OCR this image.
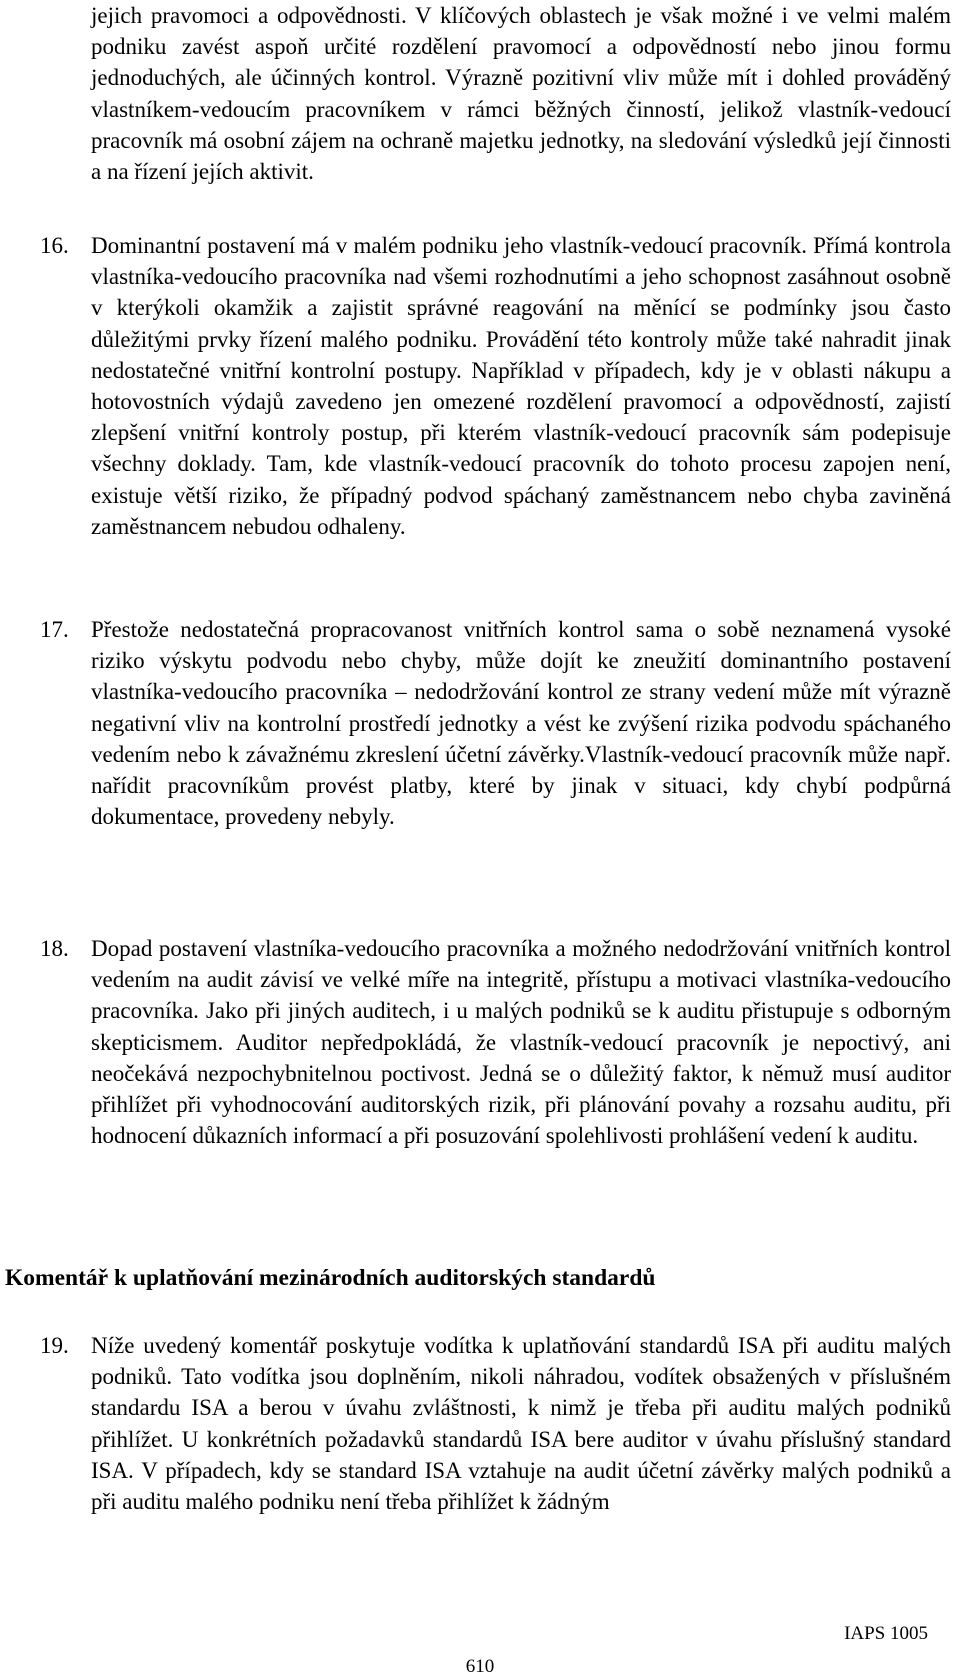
jejich pravomoci a odpovědnosti. V klíčových oblastech je však možné i ve velmi malém podniku zavést aspoň určité rozdělení pravomocí a odpovědností nebo jinou formu jednoduchých, ale účinných kontrol. Výrazně pozitivní vliv může mít i dohled prováděný vlastníkem-vedoucím pracovníkem v rámci běžných činností, jelikož vlastník-vedoucí pracovník má osobní zájem na ochraně majetku jednotky, na sledování výsledků její činnosti a na řízení jejích aktivit.

16. Dominantní postavení má v malém podniku jeho vlastník-vedoucí pracovník. Přímá kontrola vlastníka-vedoucího pracovníka nad všemi rozhodnutími a jeho schopnost zasáhnout osobně v kterýkoli okamžik a zajistit správné reagování na měnící se podmínky jsou často důležitými prvky řízení malého podniku. Provádění této kontroly může také nahradit jinak nedostatečné vnitřní kontrolní postupy. Například v případech, kdy je v oblasti nákupu a hotovostních výdajů zavedeno jen omezené rozdělení pravomocí a odpovědností, zajistí zlepšení vnitřní kontroly postup, při kterém vlastník-vedoucí pracovník sám podepisuje všechny doklady. Tam, kde vlastník-vedoucí pracovník do tohoto procesu zapojen není, existuje větší riziko, že případný podvod spáchaný zaměstnancem nebo chyba zaviněná zaměstnancem nebudou odhaleny.

17. Přestože nedostatečná propracovanost vnitřních kontrol sama o sobě neznamená vysoké riziko výskytu podvodu nebo chyby, může dojít ke zneužití dominantního postavení vlastníka-vedoucího pracovníka – nedodržování kontrol ze strany vedení může mít výrazně negativní vliv na kontrolní prostředí jednotky a vést ke zvýšení rizika podvodu spáchaného vedením nebo k závažnému zkreslení účetní závěrky.Vlastník-vedoucí pracovník může např. nařídit pracovníkům provést platby, které by jinak v situaci, kdy chybí podpůrná dokumentace, provedeny nebyly.

18. Dopad postavení vlastníka-vedoucího pracovníka a možného nedodržování vnitřních kontrol vedením na audit závisí ve velké míře na integritě, přístupu a motivaci vlastníka-vedoucího pracovníka. Jako při jiných auditech, i u malých podniků se k auditu přistupuje s odborným skepticismem. Auditor nepředpokládá, že vlastník-vedoucí pracovník je nepoctivý, ani neočekává nezpochybnitelnou poctivost. Jedná se o důležitý faktor, k němuž musí auditor přihlížet při vyhodnocování auditorských rizik, při plánování povahy a rozsahu auditu, při hodnocení důkazních informací a při posuzování spolehlivosti prohlášení vedení k auditu.

Komentář k uplatňování mezinárodních auditorských standardů

19. Níže uvedený komentář poskytuje vodítka k uplatňování standardů ISA při auditu malých podniků. Tato vodítka jsou doplněním, nikoli náhradou, vodítek obsažených v příslušném standardu ISA a berou v úvahu zvláštnosti, k nimž je třeba při auditu malých podniků přihlížet. U konkrétních požadavků standardů ISA bere auditor v úvahu příslušný standard ISA. V případech, kdy se standard ISA vztahuje na audit účetní závěrky malých podniků a při auditu malého podniku není třeba přihlížet k žádným

IAPS 1005
610
